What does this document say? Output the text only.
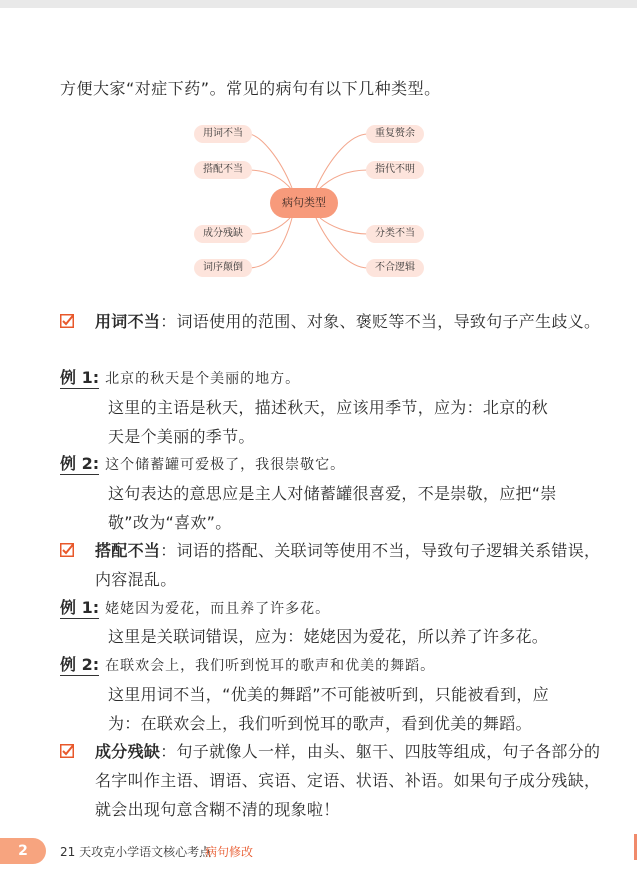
方便大家“对症下药”。常见的病句有以下几种类型。
用词不当
搭配不当
成分残缺
词序颠倒
重复赘余
指代不明
分类不当
不合逻辑
病句类型
用词不当：词语使用的范围、对象、褒贬等不当，导致句子产生歧义。
例 1: 北京的秋天是个美丽的地方。
这里的主语是秋天，描述秋天，应该用季节，应为：北京的秋天是个美丽的季节。
例 2: 这个储蓄罐可爱极了，我很崇敬它。
这句表达的意思应是主人对储蓄罐很喜爱，不是崇敬，应把“崇敬”改为“喜欢”。
搭配不当：词语的搭配、关联词等使用不当，导致句子逻辑关系错误，内容混乱。
例 1: 姥姥因为爱花，而且养了许多花。
这里是关联词错误，应为：姥姥因为爱花，所以养了许多花。
例 2: 在联欢会上，我们听到悦耳的歌声和优美的舞蹈。
这里用词不当，“优美的舞蹈”不可能被听到，只能被看到，应为：在联欢会上，我们听到悦耳的歌声，看到优美的舞蹈。
成分残缺：句子就像人一样，由头、躯干、四肢等组成，句子各部分的名字叫作主语、谓语、宾语、定语、状语、补语。如果句子成分残缺，就会出现句意含糊不清的现象啦！
2	21 天攻克小学语文核心考点
病句修改
